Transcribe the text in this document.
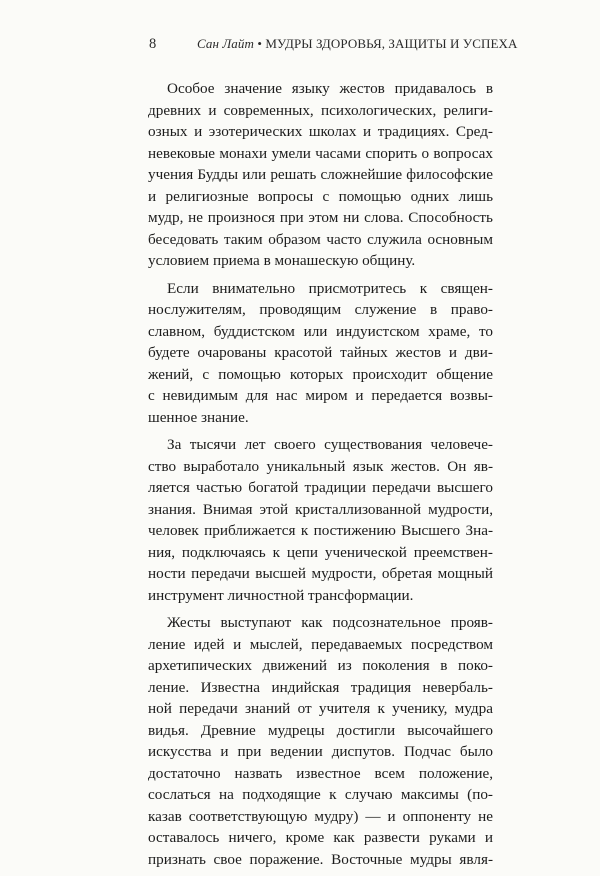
8	Сан Лайт • МУДРЫ ЗДОРОВЬЯ, ЗАЩИТЫ И УСПЕХА
Особое значение языку жестов придавалось в
древних и современных, психологических, религи-
озных и эзотерических школах и традициях. Сред-
невековые монахи умели часами спорить о вопросах
учения Будды или решать сложнейшие философские
и религиозные вопросы с помощью одних лишь
мудр, не произнося при этом ни слова. Способность
беседовать таким образом часто служила основным
условием приема в монашескую общину.
Если внимательно присмотритесь к священ-
нослужителям, проводящим служение в право-
славном, буддистском или индуистском храме, то
будете очарованы красотой тайных жестов и дви-
жений, с помощью которых происходит общение
с невидимым для нас миром и передается возвы-
шенное знание.
За тысячи лет своего существования человече-
ство выработало уникальный язык жестов. Он яв-
ляется частью богатой традиции передачи высшего
знания. Внимая этой кристаллизованной мудрости,
человек приближается к постижению Высшего Зна-
ния, подключаясь к цепи ученической преемствен-
ности передачи высшей мудрости, обретая мощный
инструмент личностной трансформации.
Жесты выступают как подсознательное прояв-
ление идей и мыслей, передаваемых посредством
архетипических движений из поколения в поко-
ление. Известна индийская традиция невербаль-
ной передачи знаний от учителя к ученику, мудра
видья. Древние мудрецы достигли высочайшего
искусства и при ведении диспутов. Подчас было
достаточно назвать известное всем положение,
сослаться на подходящие к случаю максимы (по-
казав соответствующую мудру) — и оппоненту не
оставалось ничего, кроме как развести руками и
признать свое поражение. Восточные мудры явля-
